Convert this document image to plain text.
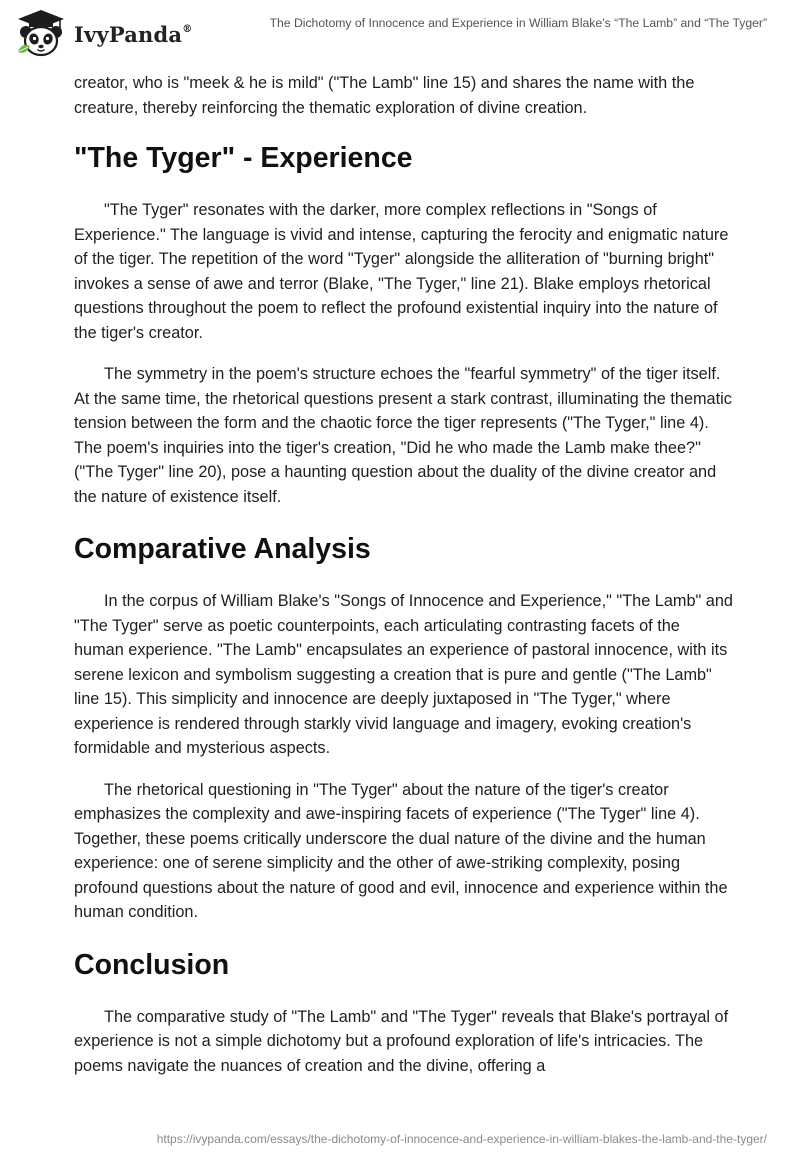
IvyPanda®	The Dichotomy of Innocence and Experience in William Blake’s “The Lamb” and “The Tyger”

creator, who is "meek & he is mild" ("The Lamb" line 15) and shares the name with the creature, thereby reinforcing the thematic exploration of divine creation.

"The Tyger" - Experience

"The Tyger" resonates with the darker, more complex reflections in "Songs of Experience." The language is vivid and intense, capturing the ferocity and enigmatic nature of the tiger. The repetition of the word "Tyger" alongside the alliteration of "burning bright" invokes a sense of awe and terror (Blake, "The Tyger," line 21). Blake employs rhetorical questions throughout the poem to reflect the profound existential inquiry into the nature of the tiger's creator.

The symmetry in the poem's structure echoes the "fearful symmetry" of the tiger itself. At the same time, the rhetorical questions present a stark contrast, illuminating the thematic tension between the form and the chaotic force the tiger represents ("The Tyger," line 4). The poem's inquiries into the tiger's creation, "Did he who made the Lamb make thee?" ("The Tyger" line 20), pose a haunting question about the duality of the divine creator and the nature of existence itself.

Comparative Analysis

In the corpus of William Blake's "Songs of Innocence and Experience," "The Lamb" and "The Tyger" serve as poetic counterpoints, each articulating contrasting facets of the human experience. "The Lamb" encapsulates an experience of pastoral innocence, with its serene lexicon and symbolism suggesting a creation that is pure and gentle ("The Lamb" line 15). This simplicity and innocence are deeply juxtaposed in "The Tyger," where experience is rendered through starkly vivid language and imagery, evoking creation's formidable and mysterious aspects.

The rhetorical questioning in "The Tyger" about the nature of the tiger's creator emphasizes the complexity and awe-inspiring facets of experience ("The Tyger" line 4). Together, these poems critically underscore the dual nature of the divine and the human experience: one of serene simplicity and the other of awe-striking complexity, posing profound questions about the nature of good and evil, innocence and experience within the human condition.

Conclusion

The comparative study of "The Lamb" and "The Tyger" reveals that Blake's portrayal of experience is not a simple dichotomy but a profound exploration of life's intricacies. The poems navigate the nuances of creation and the divine, offering a

https://ivypanda.com/essays/the-dichotomy-of-innocence-and-experience-in-william-blakes-the-lamb-and-the-tyger/
